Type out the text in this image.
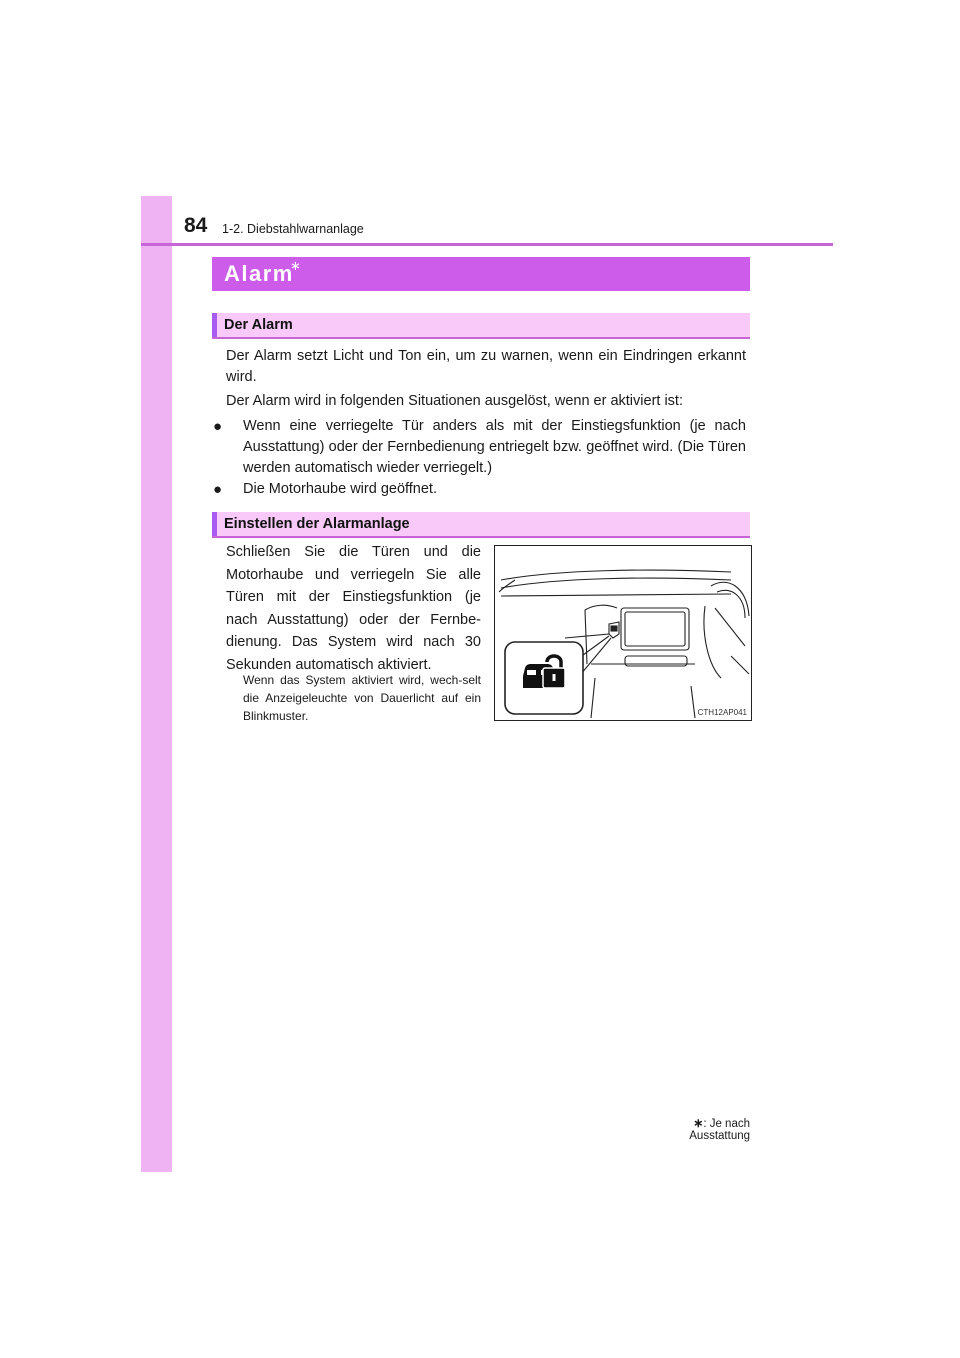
84 1-2. Diebstahlwarnanlage
Alarm
∗
Der Alarm
Der Alarm setzt Licht und Ton ein, um zu warnen, wenn ein Eindringen erkannt wird.
Der Alarm wird in folgenden Situationen ausgelöst, wenn er aktiviert ist:
● Wenn eine verriegelte Tür anders als mit der Einstiegsfunktion (je nach Ausstattung) oder der Fernbedienung entriegelt bzw. geöffnet wird. (Die Türen werden automatisch wieder verriegelt.)
● Die Motorhaube wird geöffnet.
Einstellen der Alarmanlage
Schließen Sie die Türen und die Motorhaube und verriegeln Sie alle Türen mit der Einstiegsfunktion (je nach Ausstattung) oder der Fernbe-dienung. Das System wird nach 30 Sekunden automatisch aktiviert.
Wenn das System aktiviert wird, wech-selt die Anzeigeleuchte von Dauerlicht auf ein Blinkmuster.	CTH12AP041
∗: Je nach Ausstattung
